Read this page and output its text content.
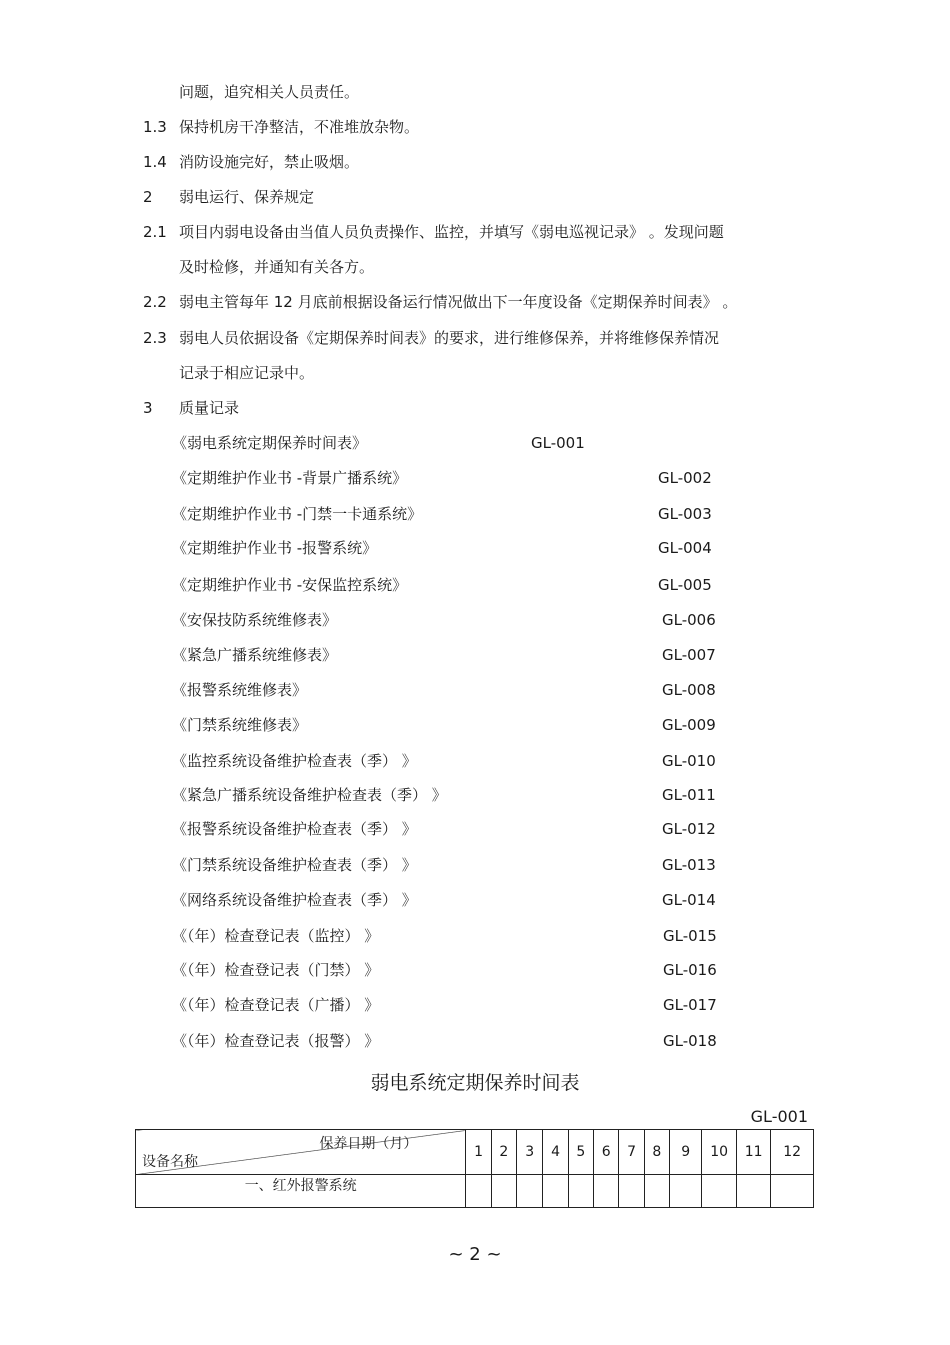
问题，追究相关人员责任。
1.3 保持机房干净整洁，不准堆放杂物。
1.4 消防设施完好，禁止吸烟。
2 弱电运行、保养规定
2.1 项目内弱电设备由当值人员负责操作、监控，并填写《弱电巡视记录》 。发现问题
及时检修，并通知有关各方。
2.2 弱电主管每年 12 月底前根据设备运行情况做出下一年度设备《定期保养时间表》 。
2.3 弱电人员依据设备《定期保养时间表》的要求，进行维修保养，并将维修保养情况
记录于相应记录中。
3 质量记录
《弱电系统定期保养时间表》	GL-001
《定期维护作业书 -背景广播系统》	GL-002
《定期维护作业书 -门禁一卡通系统》	GL-003
《定期维护作业书 -报警系统》	GL-004
《定期维护作业书 -安保监控系统》	GL-005
《安保技防系统维修表》	GL-006
《紧急广播系统维修表》	GL-007
《报警系统维修表》	GL-008
《门禁系统维修表》	GL-009
《监控系统设备维护检查表（季） 》	GL-010
《紧急广播系统设备维护检查表（季） 》	GL-011
《报警系统设备维护检查表（季） 》	GL-012
《门禁系统设备维护检查表（季） 》	GL-013
《网络系统设备维护检查表（季） 》	GL-014
《（年）检查登记表（监控） 》	GL-015
《（年）检查登记表（门禁） 》	GL-016
《（年）检查登记表（广播） 》	GL-017
《（年）检查登记表（报警） 》	GL-018
弱电系统定期保养时间表
GL-001
保养日期（月）
设备名称	1	2	3	4	5	6	7	8	9	10	11	12
一、红外报警系统												
~ 2 ~
